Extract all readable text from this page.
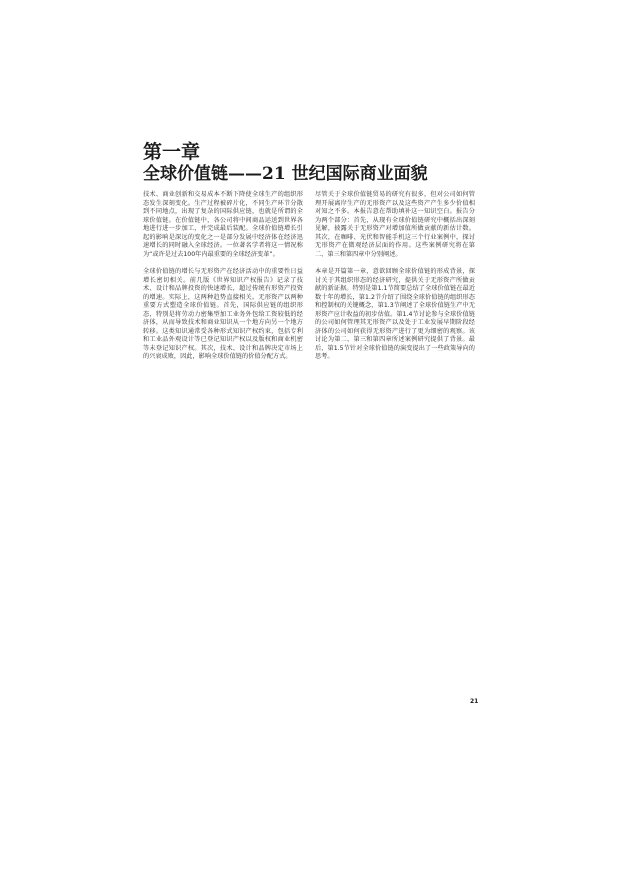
第一章
全球价值链——21 世纪国际商业面貌

技术、商业创新和交易成本不断下降使全球生产的组织形态发生深刻变化。生产过程被碎片化，不同生产环节分散到不同地点，出现了复杂的国际供应链，也就是所谓的全球价值链。在价值链中，各公司将中间商品运送到世界各地进行进一步加工，并完成最后装配。全球价值链增长引起的影响是深远的变化之一是部分发展中经济体在经济迅速增长的同时融入全球经济。一位著名学者将这一情况称为“或许是过去100年内最重要的全球经济变革”。

全球价值链的增长与无形资产在经济活动中的重要性日益增长密切相关。前几版《世界知识产权报告》记录了技术、设计和品牌投资的快速增长，超过传统有形资产投资的增速。实际上，这两种趋势直接相关。无形资产以两种重要方式塑造全球价值链。首先，国际供应链的组织形态，特别是将劳动力密集型加工业务外包给工资较低的经济体，从而导致技术和商业知识从一个地方向另一个地方转移。这类知识通常受各种形式知识产权约束，包括专利和工业品外观设计等已登记知识产权以及版权和商业机密等未登记知识产权。其次，技术、设计和品牌决定市场上的兴衰成败，因此，影响全球价值链的价值分配方式。

尽管关于全球价值链贸易的研究有很多，但对公司如何管理开展离岸生产的无形资产以及这些资产产生多少价值相对知之不多。本报告意在帮助填补这一知识空白。报告分为两个部分：首先，从现有全球价值链研究中概括出深刻见解，披露关于无形资产对增加值所做贡献的新估计数。其次，在咖啡、光伏和智能手机这三个行业案例中，探讨无形资产在微观经济层面的作用。这些案例研究将在第二、第三和第四章中分别阐述。

本章是开篇第一章，意欲回顾全球价值链的形成背景，探讨关于其组织形态的经济研究，提供关于无形资产所做贡献的新证据。特别是第1.1节简要总结了全球价值链在最近数十年的增长，第1.2节介绍了围绕全球价值链的组织形态和控制权的关键概念，第1.3节阐述了全球价值链生产中无形资产应计收益的初步估值。第1.4节讨论参与全球价值链的公司如何管理其无形资产以及处于工业发展早期阶段经济体的公司如何获得无形资产进行了更为细密的观察。该讨论为第二、第三和第四章所述案例研究提供了背景。最后，第1.5节针对全球价值链的演变提出了一些政策导向的思考。

21
